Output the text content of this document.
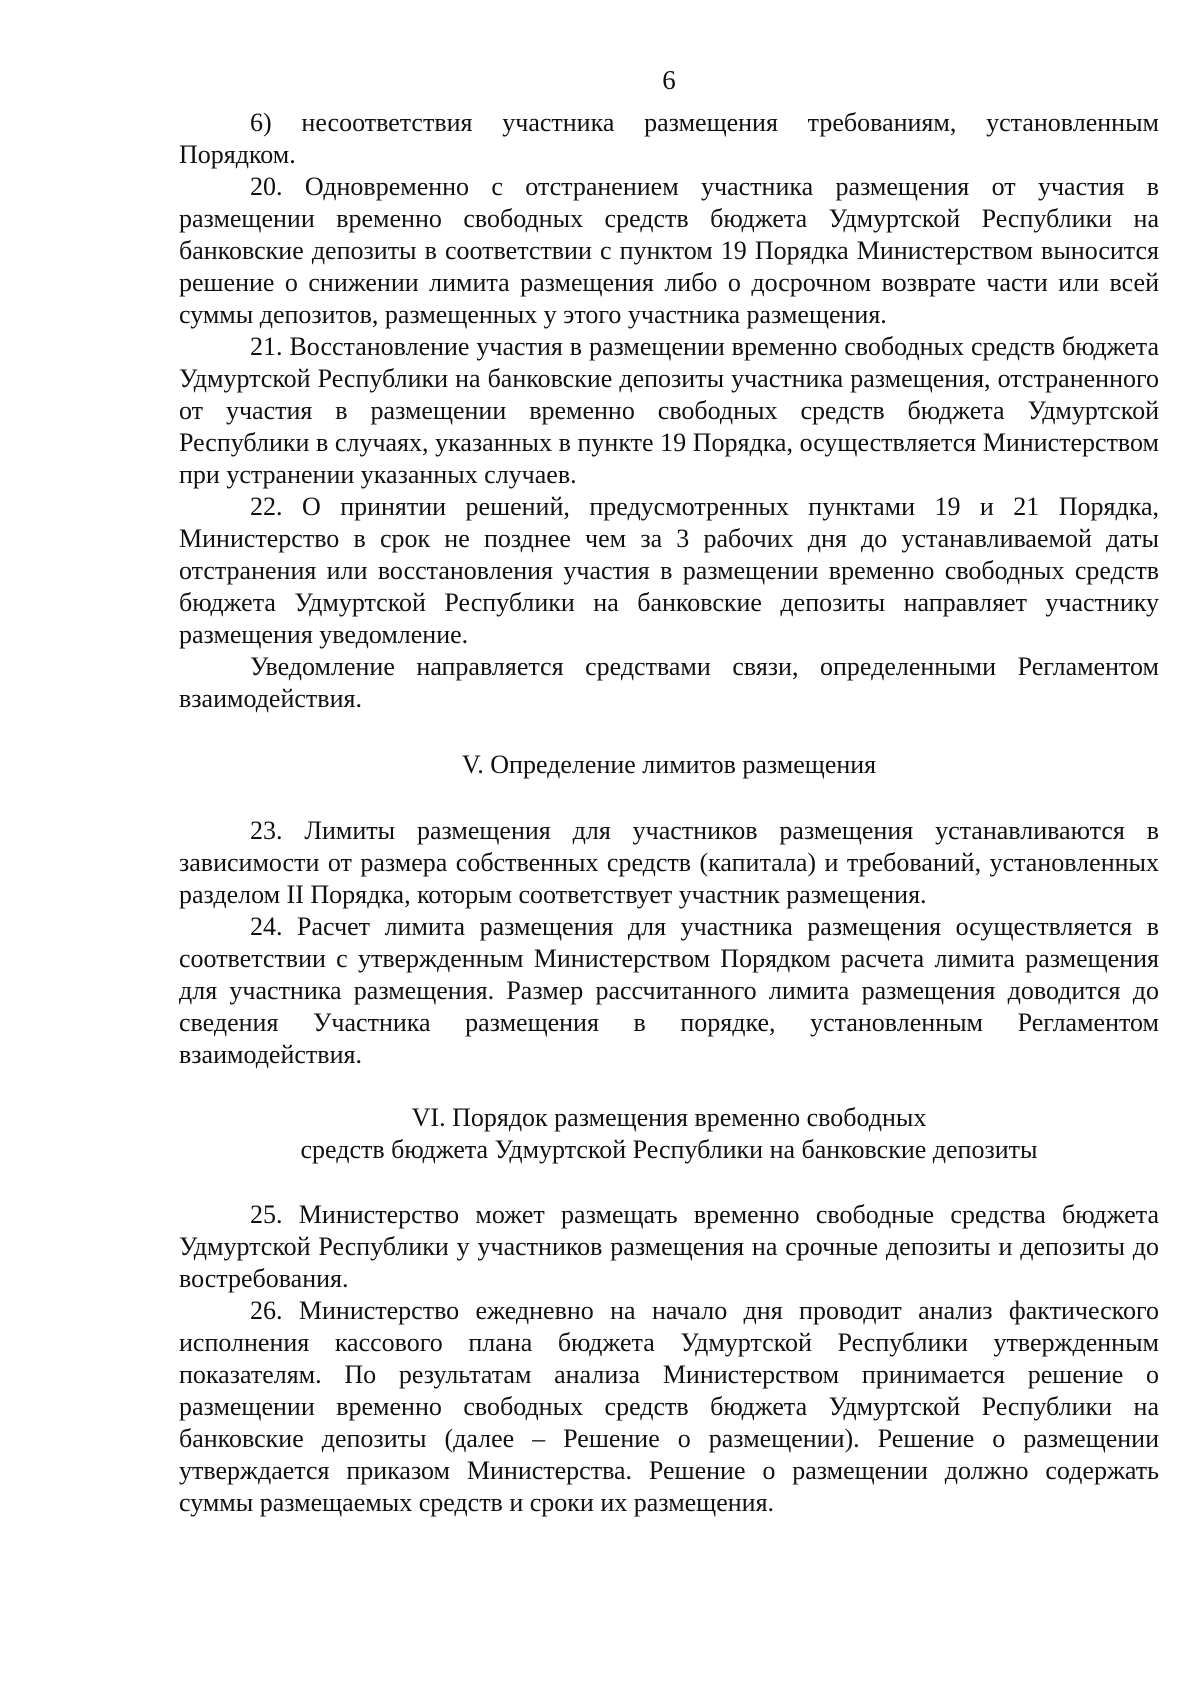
6

6) несоответствия участника размещения требованиям, установленным Порядком.

20. Одновременно с отстранением участника размещения от участия в размещении временно свободных средств бюджета Удмуртской Республики на банковские депозиты в соответствии с пунктом 19 Порядка Министерством выносится решение о снижении лимита размещения либо о досрочном возврате части или всей суммы депозитов, размещенных у этого участника размещения.

21. Восстановление участия в размещении временно свободных средств бюджета Удмуртской Республики на банковские депозиты участника размещения, отстраненного от участия в размещении временно свободных средств бюджета Удмуртской Республики в случаях, указанных в пункте 19 Порядка, осуществляется Министерством при устранении указанных случаев.

22. О принятии решений, предусмотренных пунктами 19 и 21 Порядка, Министерство в срок не позднее чем за 3 рабочих дня до устанавливаемой даты отстранения или восстановления участия в размещении временно свободных средств бюджета Удмуртской Республики на банковские депозиты направляет участнику размещения уведомление.

Уведомление направляется средствами связи, определенными Регламентом взаимодействия.

V. Определение лимитов размещения

23. Лимиты размещения для участников размещения устанавливаются в зависимости от размера собственных средств (капитала) и требований, установленных разделом II Порядка, которым соответствует участник размещения.

24. Расчет лимита размещения для участника размещения осуществляется в соответствии с утвержденным Министерством Порядком расчета лимита размещения для участника размещения. Размер рассчитанного лимита размещения доводится до сведения Участника размещения в порядке, установленным Регламентом взаимодействия.

VI. Порядок размещения временно свободных
средств бюджета Удмуртской Республики на банковские депозиты

25. Министерство может размещать временно свободные средства бюджета Удмуртской Республики у участников размещения на срочные депозиты и депозиты до востребования.

26. Министерство ежедневно на начало дня проводит анализ фактического исполнения кассового плана бюджета Удмуртской Республики утвержденным показателям. По результатам анализа Министерством принимается решение о размещении временно свободных средств бюджета Удмуртской Республики на банковские депозиты (далее – Решение о размещении). Решение о размещении утверждается приказом Министерства. Решение о размещении должно содержать суммы размещаемых средств и сроки их размещения.
